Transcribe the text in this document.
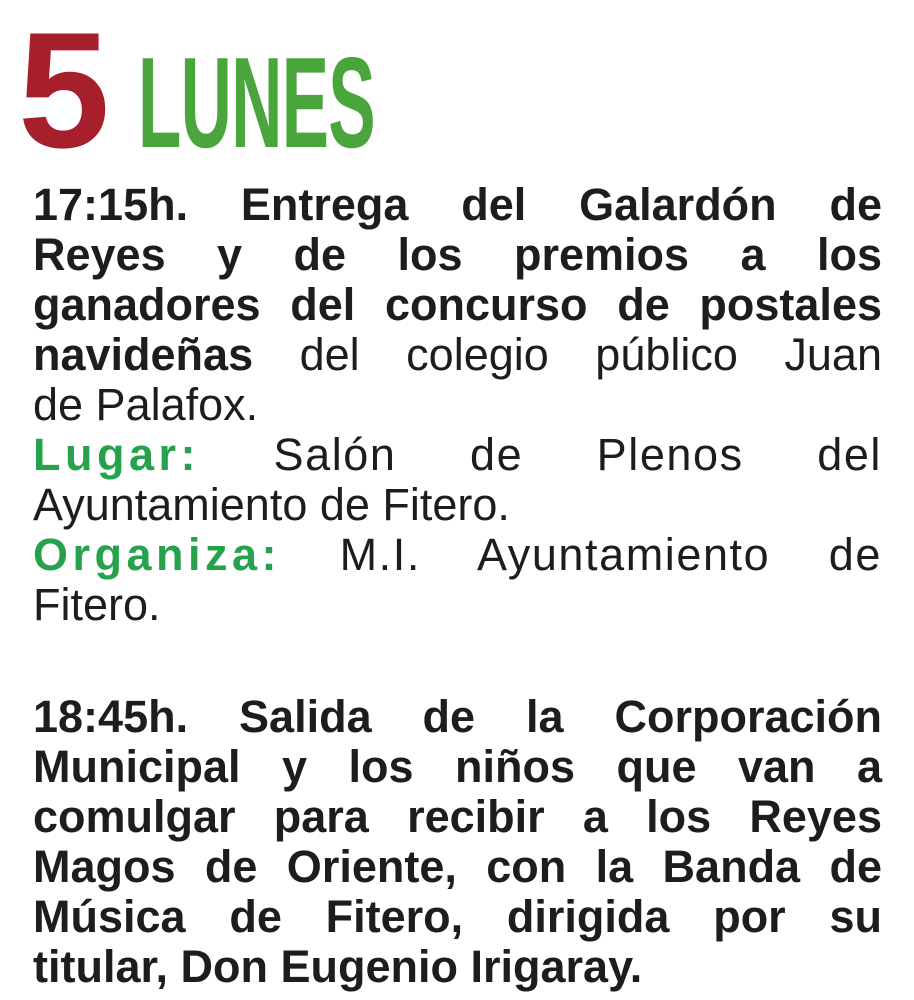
5 LUNES
17:15h. Entrega del Galardón de
Reyes y de los premios a los
ganadores del concurso de postales
navideñas del colegio público Juan
de Palafox.
Lugar: Salón de Plenos del
Ayuntamiento de Fitero.
Organiza: M.I. Ayuntamiento de
Fitero.
18:45h. Salida de la Corporación
Municipal y los niños que van a
comulgar para recibir a los Reyes
Magos de Oriente, con la Banda de
Música de Fitero, dirigida por su
titular, Don Eugenio Irigaray.
